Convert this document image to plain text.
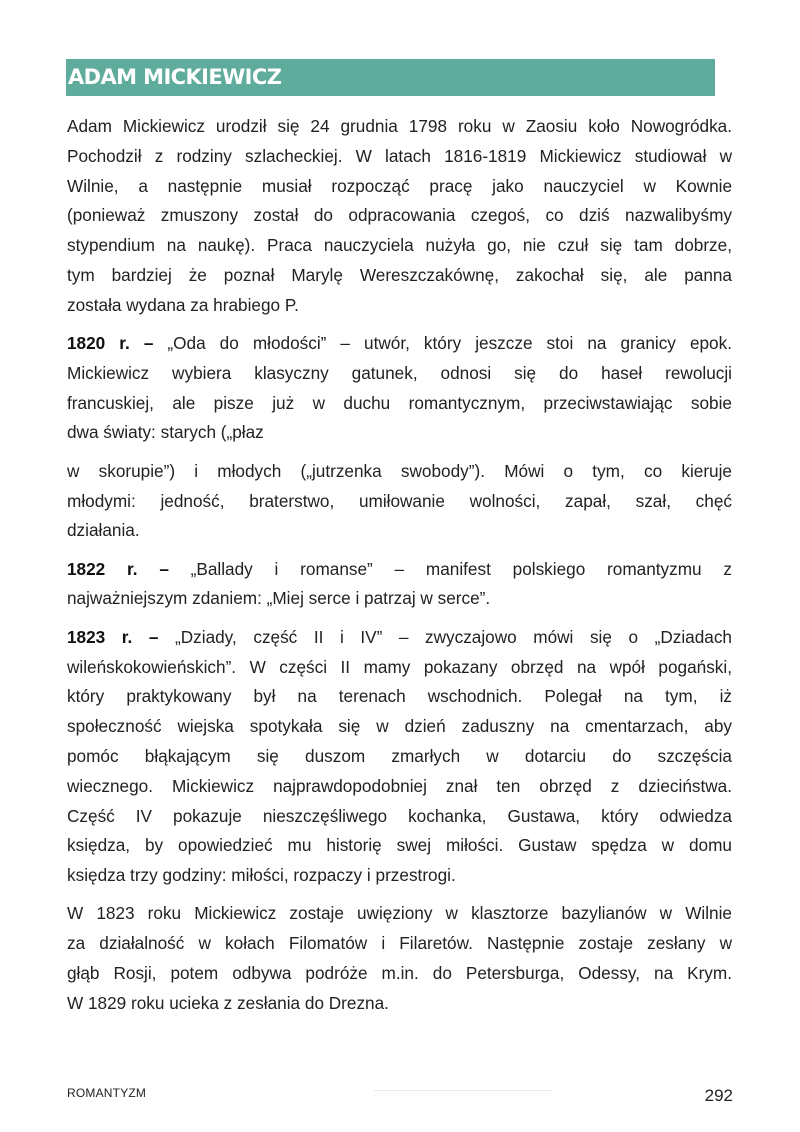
ADAM MICKIEWICZ

Adam Mickiewicz urodził się 24 grudnia 1798 roku w Zaosiu koło Nowogródka.
Pochodził z rodziny szlacheckiej. W latach 1816-1819 Mickiewicz studiował w
Wilnie, a następnie musiał rozpocząć pracę jako nauczyciel w Kownie
(ponieważ zmuszony został do odpracowania czegoś, co dziś nazwalibyśmy
stypendium na naukę). Praca nauczyciela nużyła go, nie czuł się tam dobrze,
tym bardziej że poznał Marylę Wereszczakównę, zakochał się, ale panna
została wydana za hrabiego P.

1820 r. – „Oda do młodości” – utwór, który jeszcze stoi na granicy epok.
Mickiewicz wybiera klasyczny gatunek, odnosi się do haseł rewolucji
francuskiej, ale pisze już w duchu romantycznym, przeciwstawiając sobie
dwa światy: starych („płaz

w skorupie”) i młodych („jutrzenka swobody”). Mówi o tym, co kieruje
młodymi: jedność, braterstwo, umiłowanie wolności, zapał, szał, chęć
działania.

1822 r. – „Ballady i romanse” – manifest polskiego romantyzmu z
najważniejszym zdaniem: „Miej serce i patrzaj w serce”.

1823 r. – „Dziady, część II i IV” – zwyczajowo mówi się o „Dziadach
wileńskokowieńskich”. W części II mamy pokazany obrzęd na wpół pogański,
który praktykowany był na terenach wschodnich. Polegał na tym, iż
społeczność wiejska spotykała się w dzień zaduszny na cmentarzach, aby
pomóc błąkającym się duszom zmarłych w dotarciu do szczęścia
wiecznego. Mickiewicz najprawdopodobniej znał ten obrzęd z dzieciństwa.
Część IV pokazuje nieszczęśliwego kochanka, Gustawa, który odwiedza
księdza, by opowiedzieć mu historię swej miłości. Gustaw spędza w domu
księdza trzy godziny: miłości, rozpaczy i przestrogi.

W 1823 roku Mickiewicz zostaje uwięziony w klasztorze bazylianów w Wilnie
za działalność w kołach Filomatów i Filaretów. Następnie zostaje zesłany w
głąb Rosji, potem odbywa podróże m.in. do Petersburga, Odessy, na Krym.
W 1829 roku ucieka z zesłania do Drezna.

ROMANTYZM	292
